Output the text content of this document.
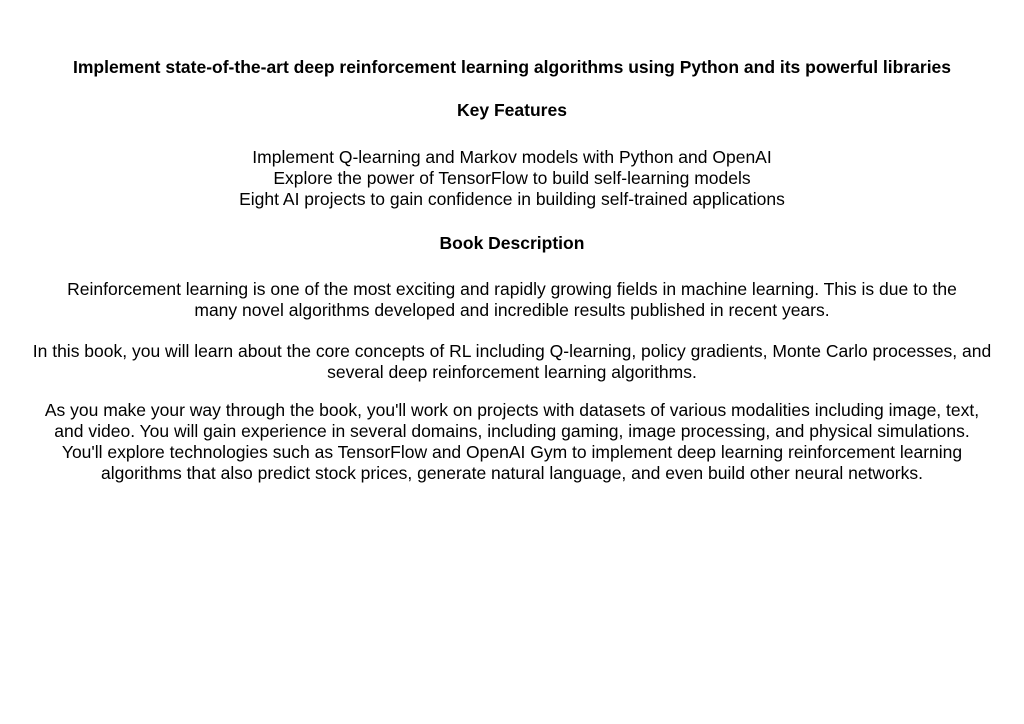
Implement state-of-the-art deep reinforcement learning algorithms using Python and its powerful libraries
Key Features
Implement Q-learning and Markov models with Python and OpenAI
Explore the power of TensorFlow to build self-learning models
Eight AI projects to gain confidence in building self-trained applications
Book Description

Reinforcement learning is one of the most exciting and rapidly growing fields in machine learning. This is due to the many novel algorithms developed and incredible results published in recent years.

In this book, you will learn about the core concepts of RL including Q-learning, policy gradients, Monte Carlo processes, and several deep reinforcement learning algorithms.

As you make your way through the book, you'll work on projects with datasets of various modalities including image, text, and video. You will gain experience in several domains, including gaming, image processing, and physical simulations. You'll explore technologies such as TensorFlow and OpenAI Gym to implement deep learning reinforcement learning algorithms that also predict stock prices, generate natural language, and even build other neural networks.
